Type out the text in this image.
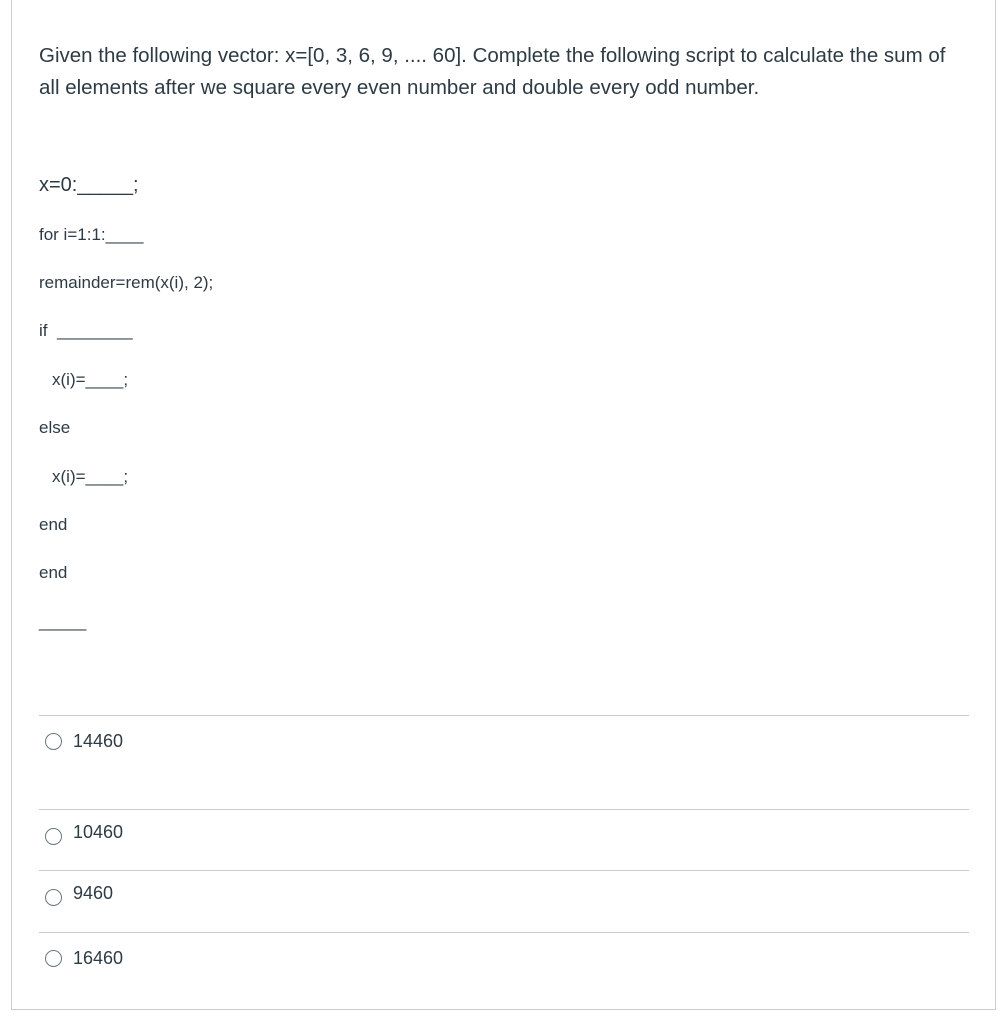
Given the following vector: x=[0, 3, 6, 9, .... 60]. Complete the following script to calculate the sum of all elements after we square every even number and double every odd number.
x=0:_____;
for i=1:1:____
remainder=rem(x(i), 2);
if  ________
x(i)=____;
else
x(i)=____;
end
end
_____
14460
10460
9460
16460
